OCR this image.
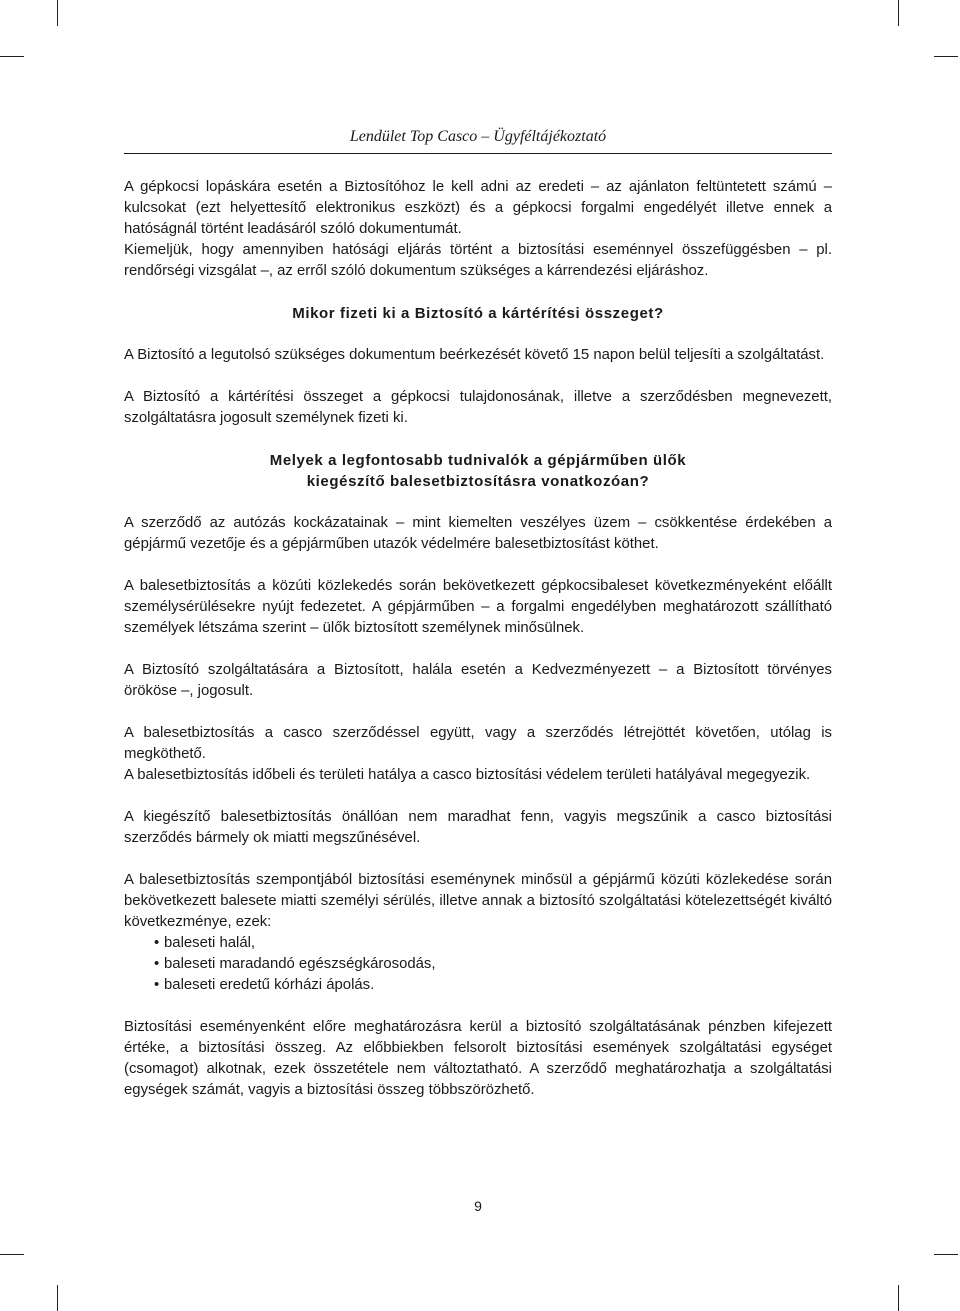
Lendület Top Casco – Ügyféltájékoztató

A gépkocsi lopáskára esetén a Biztosítóhoz le kell adni az eredeti – az ajánlaton feltüntetett számú – kulcsokat (ezt helyettesítő elektronikus eszközt) és a gépkocsi forgalmi engedélyét illetve ennek a hatóságnál történt leadásáról szóló dokumentumát.

Kiemeljük, hogy amennyiben hatósági eljárás történt a biztosítási eseménnyel összefüggésben – pl. rendőrségi vizsgálat –, az erről szóló dokumentum szükséges a kárrendezési eljáráshoz.

Mikor fizeti ki a Biztosító a kártérítési összeget?

A Biztosító a legutolsó szükséges dokumentum beérkezését követő 15 napon belül teljesíti a szolgáltatást.

A Biztosító a kártérítési összeget a gépkocsi tulajdonosának, illetve a szerződésben megnevezett, szolgáltatásra jogosult személynek fizeti ki.

Melyek a legfontosabb tudnivalók a gépjárműben ülők
kiegészítő balesetbiztosításra vonatkozóan?

A szerződő az autózás kockázatainak – mint kiemelten veszélyes üzem – csökkentése érdekében a gépjármű vezetője és a gépjárműben utazók védelmére balesetbiztosítást köthet.

A balesetbiztosítás a közúti közlekedés során bekövetkezett gépkocsibaleset következményeként előállt személysérülésekre nyújt fedezetet. A gépjárműben – a forgalmi engedélyben meghatározott szállítható személyek létszáma szerint – ülők biztosított személynek minősülnek.

A Biztosító szolgáltatására a Biztosított, halála esetén a Kedvezményezett – a Biztosított törvényes örököse –, jogosult.

A balesetbiztosítás a casco szerződéssel együtt, vagy a szerződés létrejöttét követően, utólag is megköthető.

A balesetbiztosítás időbeli és területi hatálya a casco biztosítási védelem területi hatályával megegyezik.

A kiegészítő balesetbiztosítás önállóan nem maradhat fenn, vagyis megszűnik a casco biztosítási szerződés bármely ok miatti megszűnésével.

A balesetbiztosítás szempontjából biztosítási eseménynek minősül a gépjármű közúti közlekedése során bekövetkezett balesete miatti személyi sérülés, illetve annak a biztosító szolgáltatási kötelezettségét kiváltó következménye, ezek:

• baleseti halál,
• baleseti maradandó egészségkárosodás,
• baleseti eredetű kórházi ápolás.

Biztosítási eseményenként előre meghatározásra kerül a biztosító szolgáltatásának pénzben kifejezett értéke, a biztosítási összeg. Az előbbiekben felsorolt biztosítási események szolgáltatási egységet (csomagot) alkotnak, ezek összetétele nem változtatható. A szerződő meghatározhatja a szolgáltatási egységek számát, vagyis a biztosítási összeg többszörözhető.

9
